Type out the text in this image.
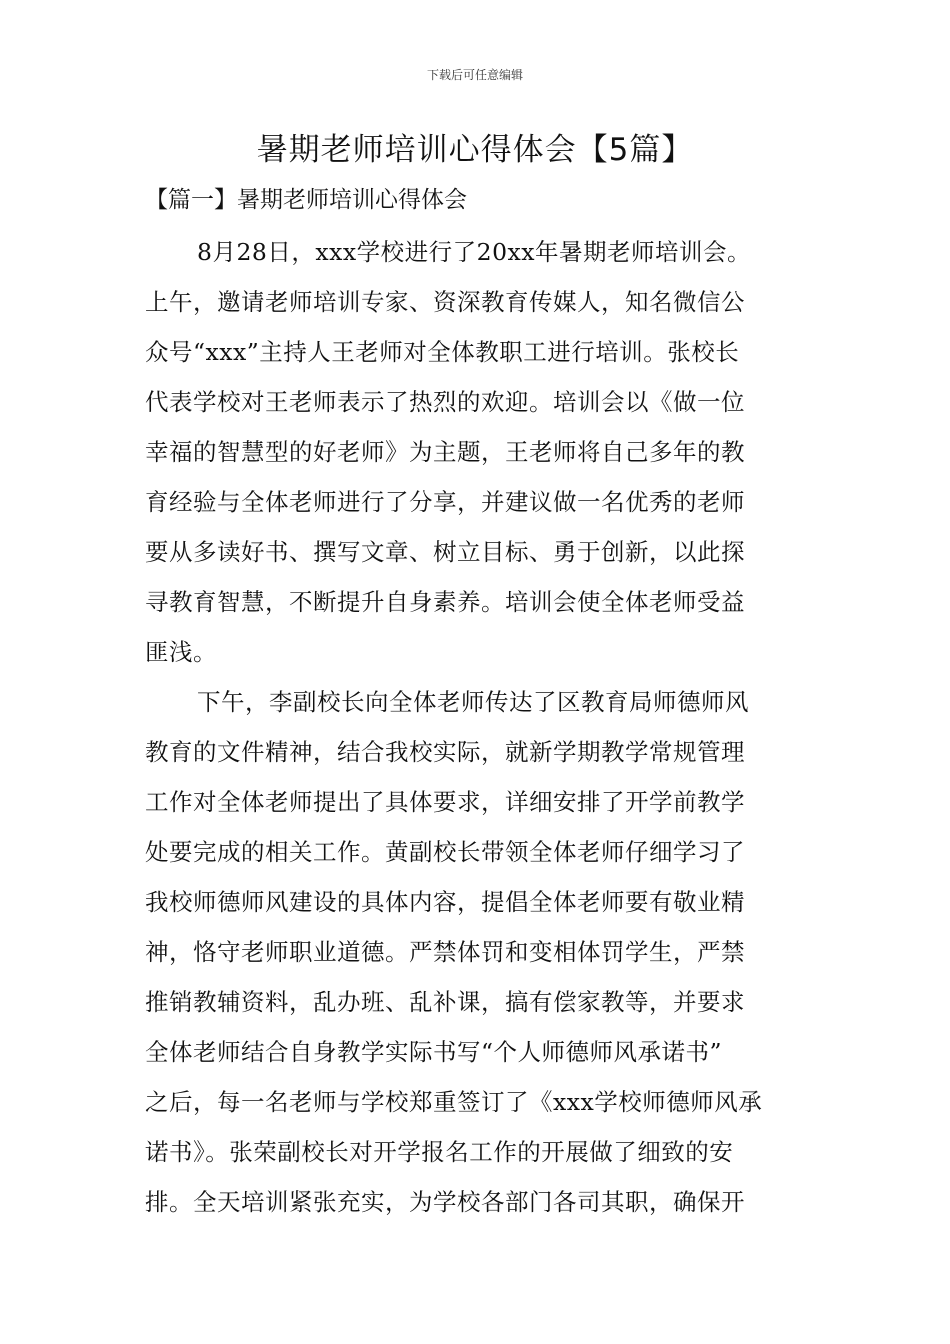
下载后可任意编辑
暑期老师培训心得体会【5篇】
【篇一】暑期老师培训心得体会
8月28日，xxx学校进行了20xx年暑期老师培训会。
上午，邀请老师培训专家、资深教育传媒人，知名微信公
众号“xxx”主持人王老师对全体教职工进行培训。张校长
代表学校对王老师表示了热烈的欢迎。培训会以《做一位
幸福的智慧型的好老师》为主题，王老师将自己多年的教
育经验与全体老师进行了分享，并建议做一名优秀的老师
要从多读好书、撰写文章、树立目标、勇于创新，以此探
寻教育智慧，不断提升自身素养。培训会使全体老师受益
匪浅。
下午，李副校长向全体老师传达了区教育局师德师风
教育的文件精神，结合我校实际，就新学期教学常规管理
工作对全体老师提出了具体要求，详细安排了开学前教学
处要完成的相关工作。黄副校长带领全体老师仔细学习了
我校师德师风建设的具体内容，提倡全体老师要有敬业精
神，恪守老师职业道德。严禁体罚和变相体罚学生，严禁
推销教辅资料，乱办班、乱补课，搞有偿家教等，并要求
全体老师结合自身教学实际书写“个人师德师风承诺书”
之后，每一名老师与学校郑重签订了《xxx学校师德师风承
诺书》。张荣副校长对开学报名工作的开展做了细致的安
排。全天培训紧张充实，为学校各部门各司其职，确保开
